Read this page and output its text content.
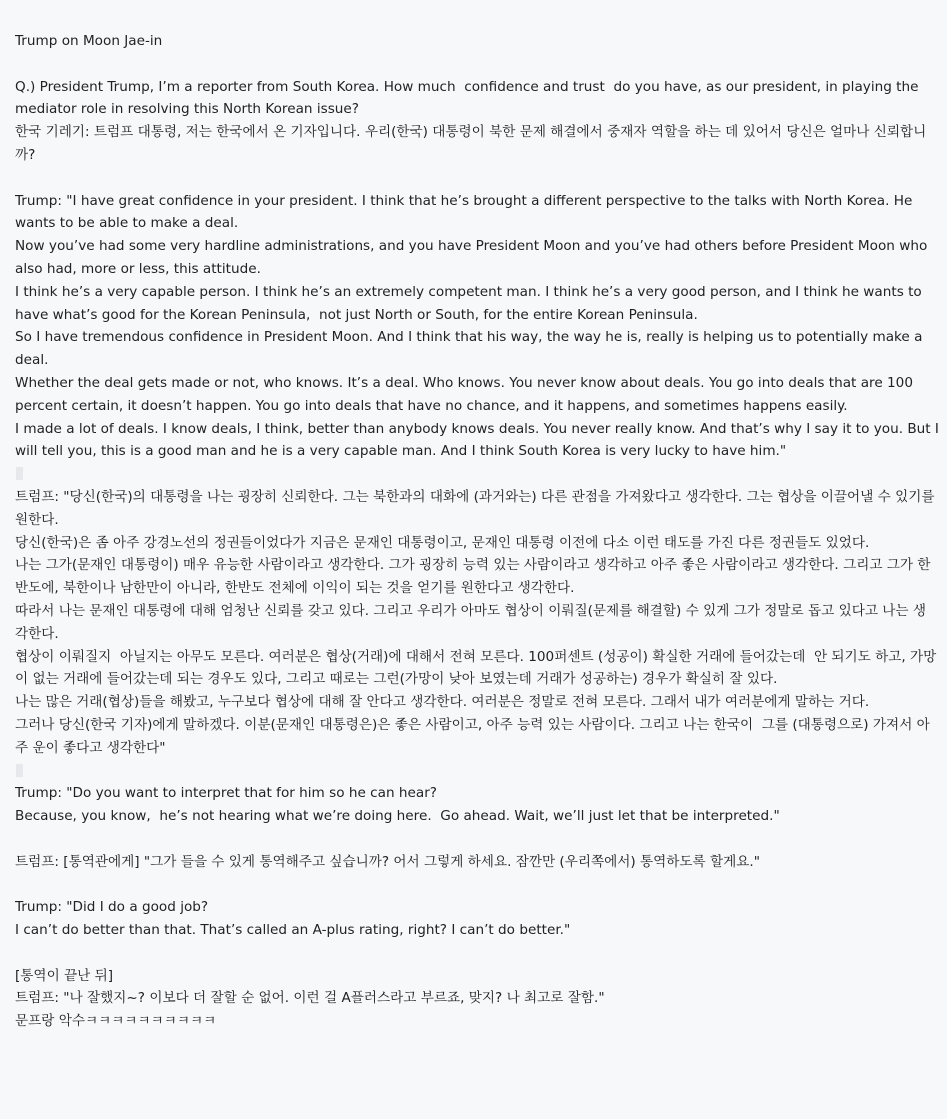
Trump on Moon Jae-in
Q.) President Trump, I’m a reporter from South Korea. How much  confidence and trust  do you have, as our president, in playing the mediator role in resolving this North Korean issue?
한국 기레기: 트럼프 대통령, 저는 한국에서 온 기자입니다. 우리(한국) 대통령이 북한 문제 해결에서 중재자 역할을 하는 데 있어서 당신은 얼마나 신뢰합니까?
Trump: "I have great confidence in your president. I think that he’s brought a different perspective to the talks with North Korea. He wants to be able to make a deal.
Now you’ve had some very hardline administrations, and you have President Moon and you’ve had others before President Moon who also had, more or less, this attitude.
I think he’s a very capable person. I think he’s an extremely competent man. I think he’s a very good person, and I think he wants to have what’s good for the Korean Peninsula,  not just North or South, for the entire Korean Peninsula.
So I have tremendous confidence in President Moon. And I think that his way, the way he is, really is helping us to potentially make a deal.
Whether the deal gets made or not, who knows. It’s a deal. Who knows. You never know about deals. You go into deals that are 100 percent certain, it doesn’t happen. You go into deals that have no chance, and it happens, and sometimes happens easily.
I made a lot of deals. I know deals, I think, better than anybody knows deals. You never really know. And that’s why I say it to you. But I will tell you, this is a good man and he is a very capable man. And I think South Korea is very lucky to have him."
트럼프: "당신(한국)의 대통령을 나는 굉장히 신뢰한다. 그는 북한과의 대화에 (과거와는) 다른 관점을 가져왔다고 생각한다. 그는 협상을 이끌어낼 수 있기를 원한다.
당신(한국)은 좀 아주 강경노선의 정권들이었다가 지금은 문재인 대통령이고, 문재인 대통령 이전에 다소 이런 태도를 가진 다른 정권들도 있었다.
나는 그가(문재인 대통령이) 매우 유능한 사람이라고 생각한다. 그가 굉장히 능력 있는 사람이라고 생각하고 아주 좋은 사람이라고 생각한다. 그리고 그가 한반도에, 북한이나 남한만이 아니라, 한반도 전체에 이익이 되는 것을 얻기를 원한다고 생각한다.
따라서 나는 문재인 대통령에 대해 엄청난 신뢰를 갖고 있다. 그리고 우리가 아마도 협상이 이뤄질(문제를 해결할) 수 있게 그가 정말로 돕고 있다고 나는 생각한다.
협상이 이뤄질지  아닐지는 아무도 모른다. 여러분은 협상(거래)에 대해서 전혀 모른다. 100퍼센트 (성공이) 확실한 거래에 들어갔는데  안 되기도 하고, 가망이 없는 거래에 들어갔는데 되는 경우도 있다, 그리고 때로는 그런(가망이 낮아 보였는데 거래가 성공하는) 경우가 확실히 잘 있다.
나는 많은 거래(협상)들을 해봤고, 누구보다 협상에 대해 잘 안다고 생각한다. 여러분은 정말로 전혀 모른다. 그래서 내가 여러분에게 말하는 거다.
그러나 당신(한국 기자)에게 말하겠다. 이분(문재인 대통령은)은 좋은 사람이고, 아주 능력 있는 사람이다. 그리고 나는 한국이  그를 (대통령으로) 가져서 아주 운이 좋다고 생각한다"
Trump: "Do you want to interpret that for him so he can hear?
Because, you know,  he’s not hearing what we’re doing here.  Go ahead. Wait, we’ll just let that be interpreted."
트럼프: [통역관에게] "그가 들을 수 있게 통역해주고 싶습니까? 어서 그렇게 하세요. 잠깐만 (우리쪽에서) 통역하도록 할게요."
Trump: "Did I do a good job?
I can’t do better than that. That’s called an A-plus rating, right? I can’t do better."
[통역이 끝난 뒤]
트럼프: "나 잘했지~? 이보다 더 잘할 순 없어. 이런 걸 A플러스라고 부르죠, 맞지? 나 최고로 잘함."
문프랑 악수ㅋㅋㅋㅋㅋㅋㅋㅋㅋㅋ
